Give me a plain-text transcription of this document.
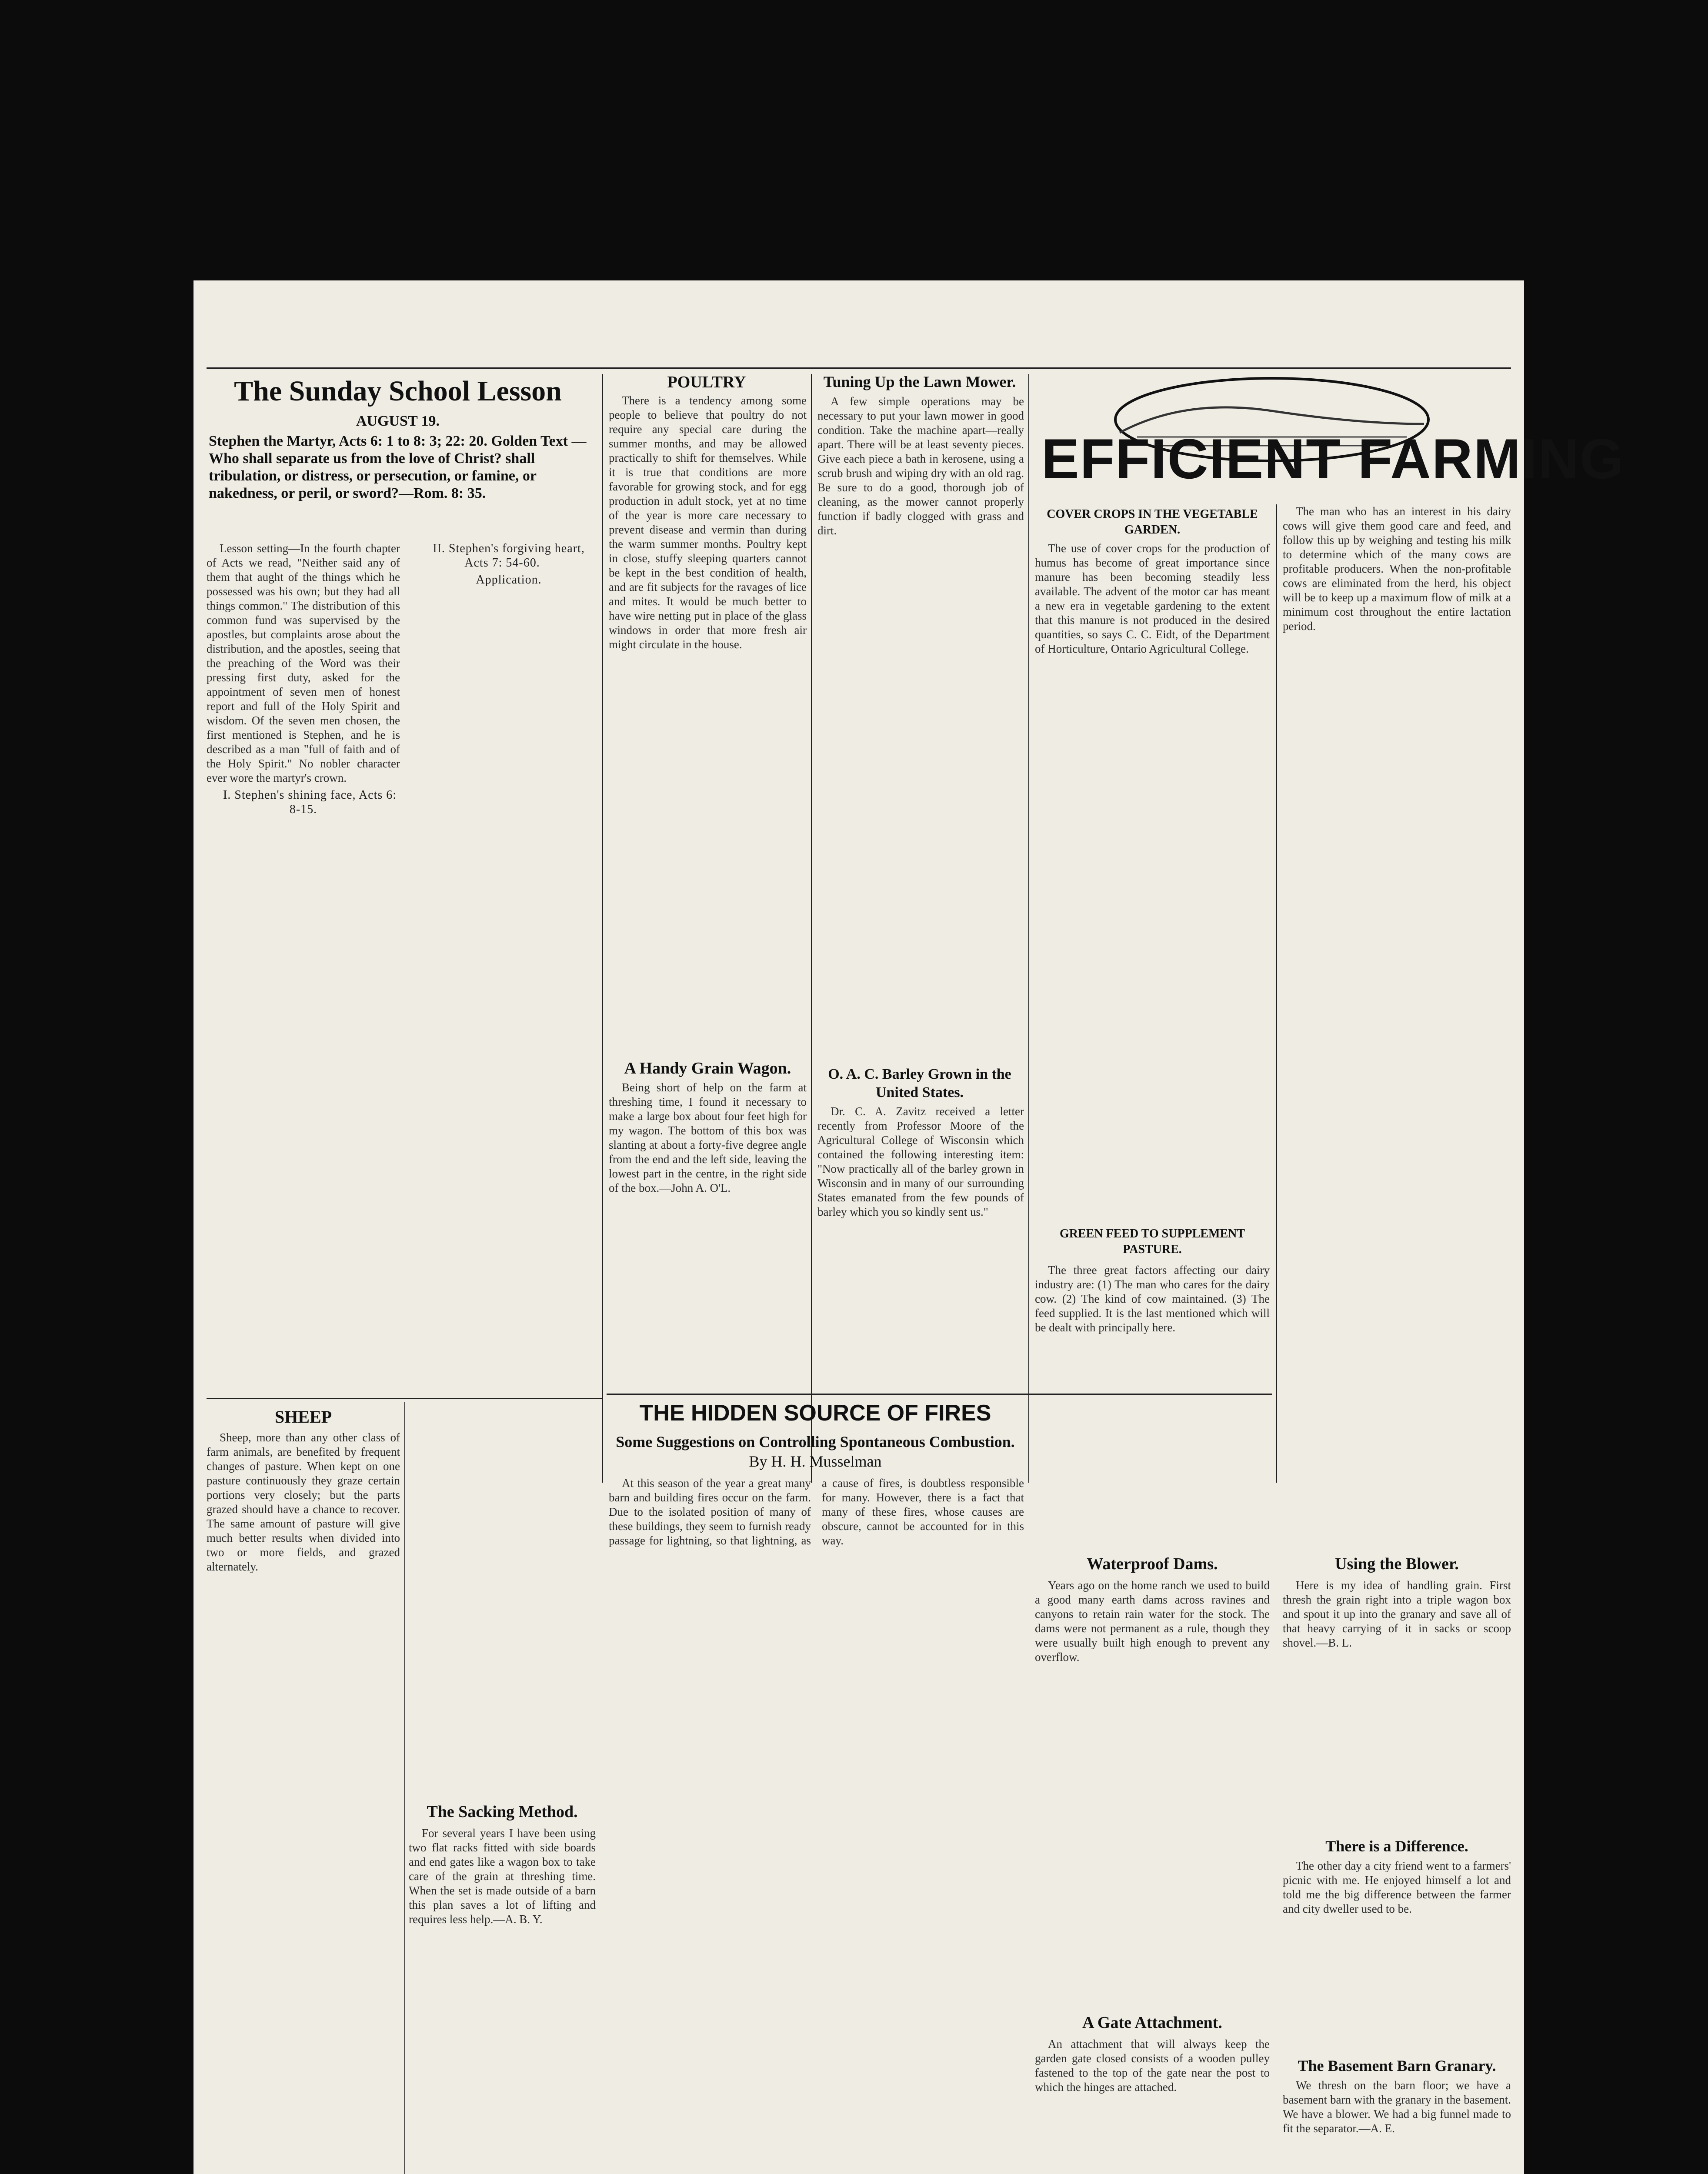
The Sunday School Lesson
AUGUST 19.
Stephen the Martyr, Acts 6: 1 to 8: 3; 22: 20. Golden Text — Who shall separate us from the love of Christ? shall tribulation, or distress, or persecution, or famine, or nakedness, or peril, or sword?—Rom. 8: 35.

Lesson setting—In the fourth chapter of Acts we read, "Neither said any of them that aught of the things which he possessed was his own; but they had all things common." The distribution of this common fund was supervised by the apostles, but complaints arose about the distribution, and the apostles, seeing that the preaching of the Word was their pressing first duty, asked for the appointment of seven men of honest report and full of the Holy Spirit and wisdom. Of the seven men chosen, the first mentioned is Stephen, and he is described as a man "full of faith and of the Holy Spirit." No nobler character ever wore the martyr's crown.

I. Stephen's shining face, Acts 6: 8-15.

II. Stephen's forgiving heart, Acts 7: 54-60.

Application.

POULTRY

There is a tendency among some people to believe that poultry do not require any special care during the summer months, and may be allowed practically to shift for themselves. While it is true that conditions are more favorable for growing stock, and for egg production in adult stock, yet at no time of the year is more care necessary to prevent disease and vermin than during the warm summer months. Poultry kept in close, stuffy sleeping quarters cannot be kept in the best condition of health, and are fit subjects for the ravages of lice and mites. It would be much better to have wire netting put in place of the glass windows in order that more fresh air might circulate in the house.

Tuning Up the Lawn Mower.

A few simple operations may be necessary to put your lawn mower in good condition. Take the machine apart—really apart. There will be at least seventy pieces. Give each piece a bath in kerosene, using a scrub brush and wiping dry with an old rag. Be sure to do a good, thorough job of cleaning, as the mower cannot properly function if badly clogged with grass and dirt.

A Handy Grain Wagon.

Being short of help on the farm at threshing time, I found it necessary to make a large box about four feet high for my wagon. The bottom of this box was slanting at about a forty-five degree angle from the end and the left side, leaving the lowest part in the centre, in the right side of the box.—John A. O'L.

O. A. C. Barley Grown in the United States.

Dr. C. A. Zavitz received a letter recently from Professor Moore of the Agricultural College of Wisconsin which contained the following interesting item: "Now practically all of the barley grown in Wisconsin and in many of our surrounding States emanated from the few pounds of barley which you so kindly sent us."

EFFICIENT FARMING
COVER CROPS IN THE VEGETABLE GARDEN.

The use of cover crops for the production of humus has become of great importance since manure has been becoming steadily less available. The advent of the motor car has meant a new era in vegetable gardening to the extent that this manure is not produced in the desired quantities, so says C. C. Eidt, of the Department of Horticulture, Ontario Agricultural College.

GREEN FEED TO SUPPLEMENT PASTURE.

The three great factors affecting our dairy industry are: (1) The man who cares for the dairy cow. (2) The kind of cow maintained. (3) The feed supplied. It is the last mentioned which will be dealt with principally here.

The man who has an interest in his dairy cows will give them good care and feed, and follow this up by weighing and testing his milk to determine which of the many cows are profitable producers. When the non-profitable cows are eliminated from the herd, his object will be to keep up a maximum flow of milk at a minimum cost throughout the entire lactation period.

THE HIDDEN SOURCE OF FIRES
Some Suggestions on Controlling Spontaneous Combustion.
By H. H. Musselman

At this season of the year a great many barn and building fires occur on the farm. Due to the isolated position of many of these buildings, they seem to furnish ready passage for lightning, so that lightning, as a cause of fires, is doubtless responsible for many. However, there is a fact that many of these fires, whose causes are obscure, cannot be accounted for in this way.

SHEEP

Sheep, more than any other class of farm animals, are benefited by frequent changes of pasture. When kept on one pasture continuously they graze certain portions very closely; but the parts grazed should have a chance to recover. The same amount of pasture will give much better results when divided into two or more fields, and grazed alternately.

The Sacking Method.

For several years I have been using two flat racks fitted with side boards and end gates like a wagon box to take care of the grain at threshing time. When the set is made outside of a barn this plan saves a lot of lifting and requires less help.—A. B. Y.

Waterproof Dams.

Years ago on the home ranch we used to build a good many earth dams across ravines and canyons to retain rain water for the stock. The dams were not permanent as a rule, though they were usually built high enough to prevent any overflow.

A Gate Attachment.

An attachment that will always keep the garden gate closed consists of a wooden pulley fastened to the top of the gate near the post to which the hinges are attached.

Using the Blower.

Here is my idea of handling grain. First thresh the grain right into a triple wagon box and spout it up into the granary and save all of that heavy carrying of it in sacks or scoop shovel.—B. L.

There is a Difference.

The other day a city friend went to a farmers' picnic with me. He enjoyed himself a lot and told me the big difference between the farmer and city dweller used to be.

The Basement Barn Granary.

We thresh on the barn floor; we have a basement barn with the granary in the basement. We have a blower. We had a big funnel made to fit the separator.—A. E.
